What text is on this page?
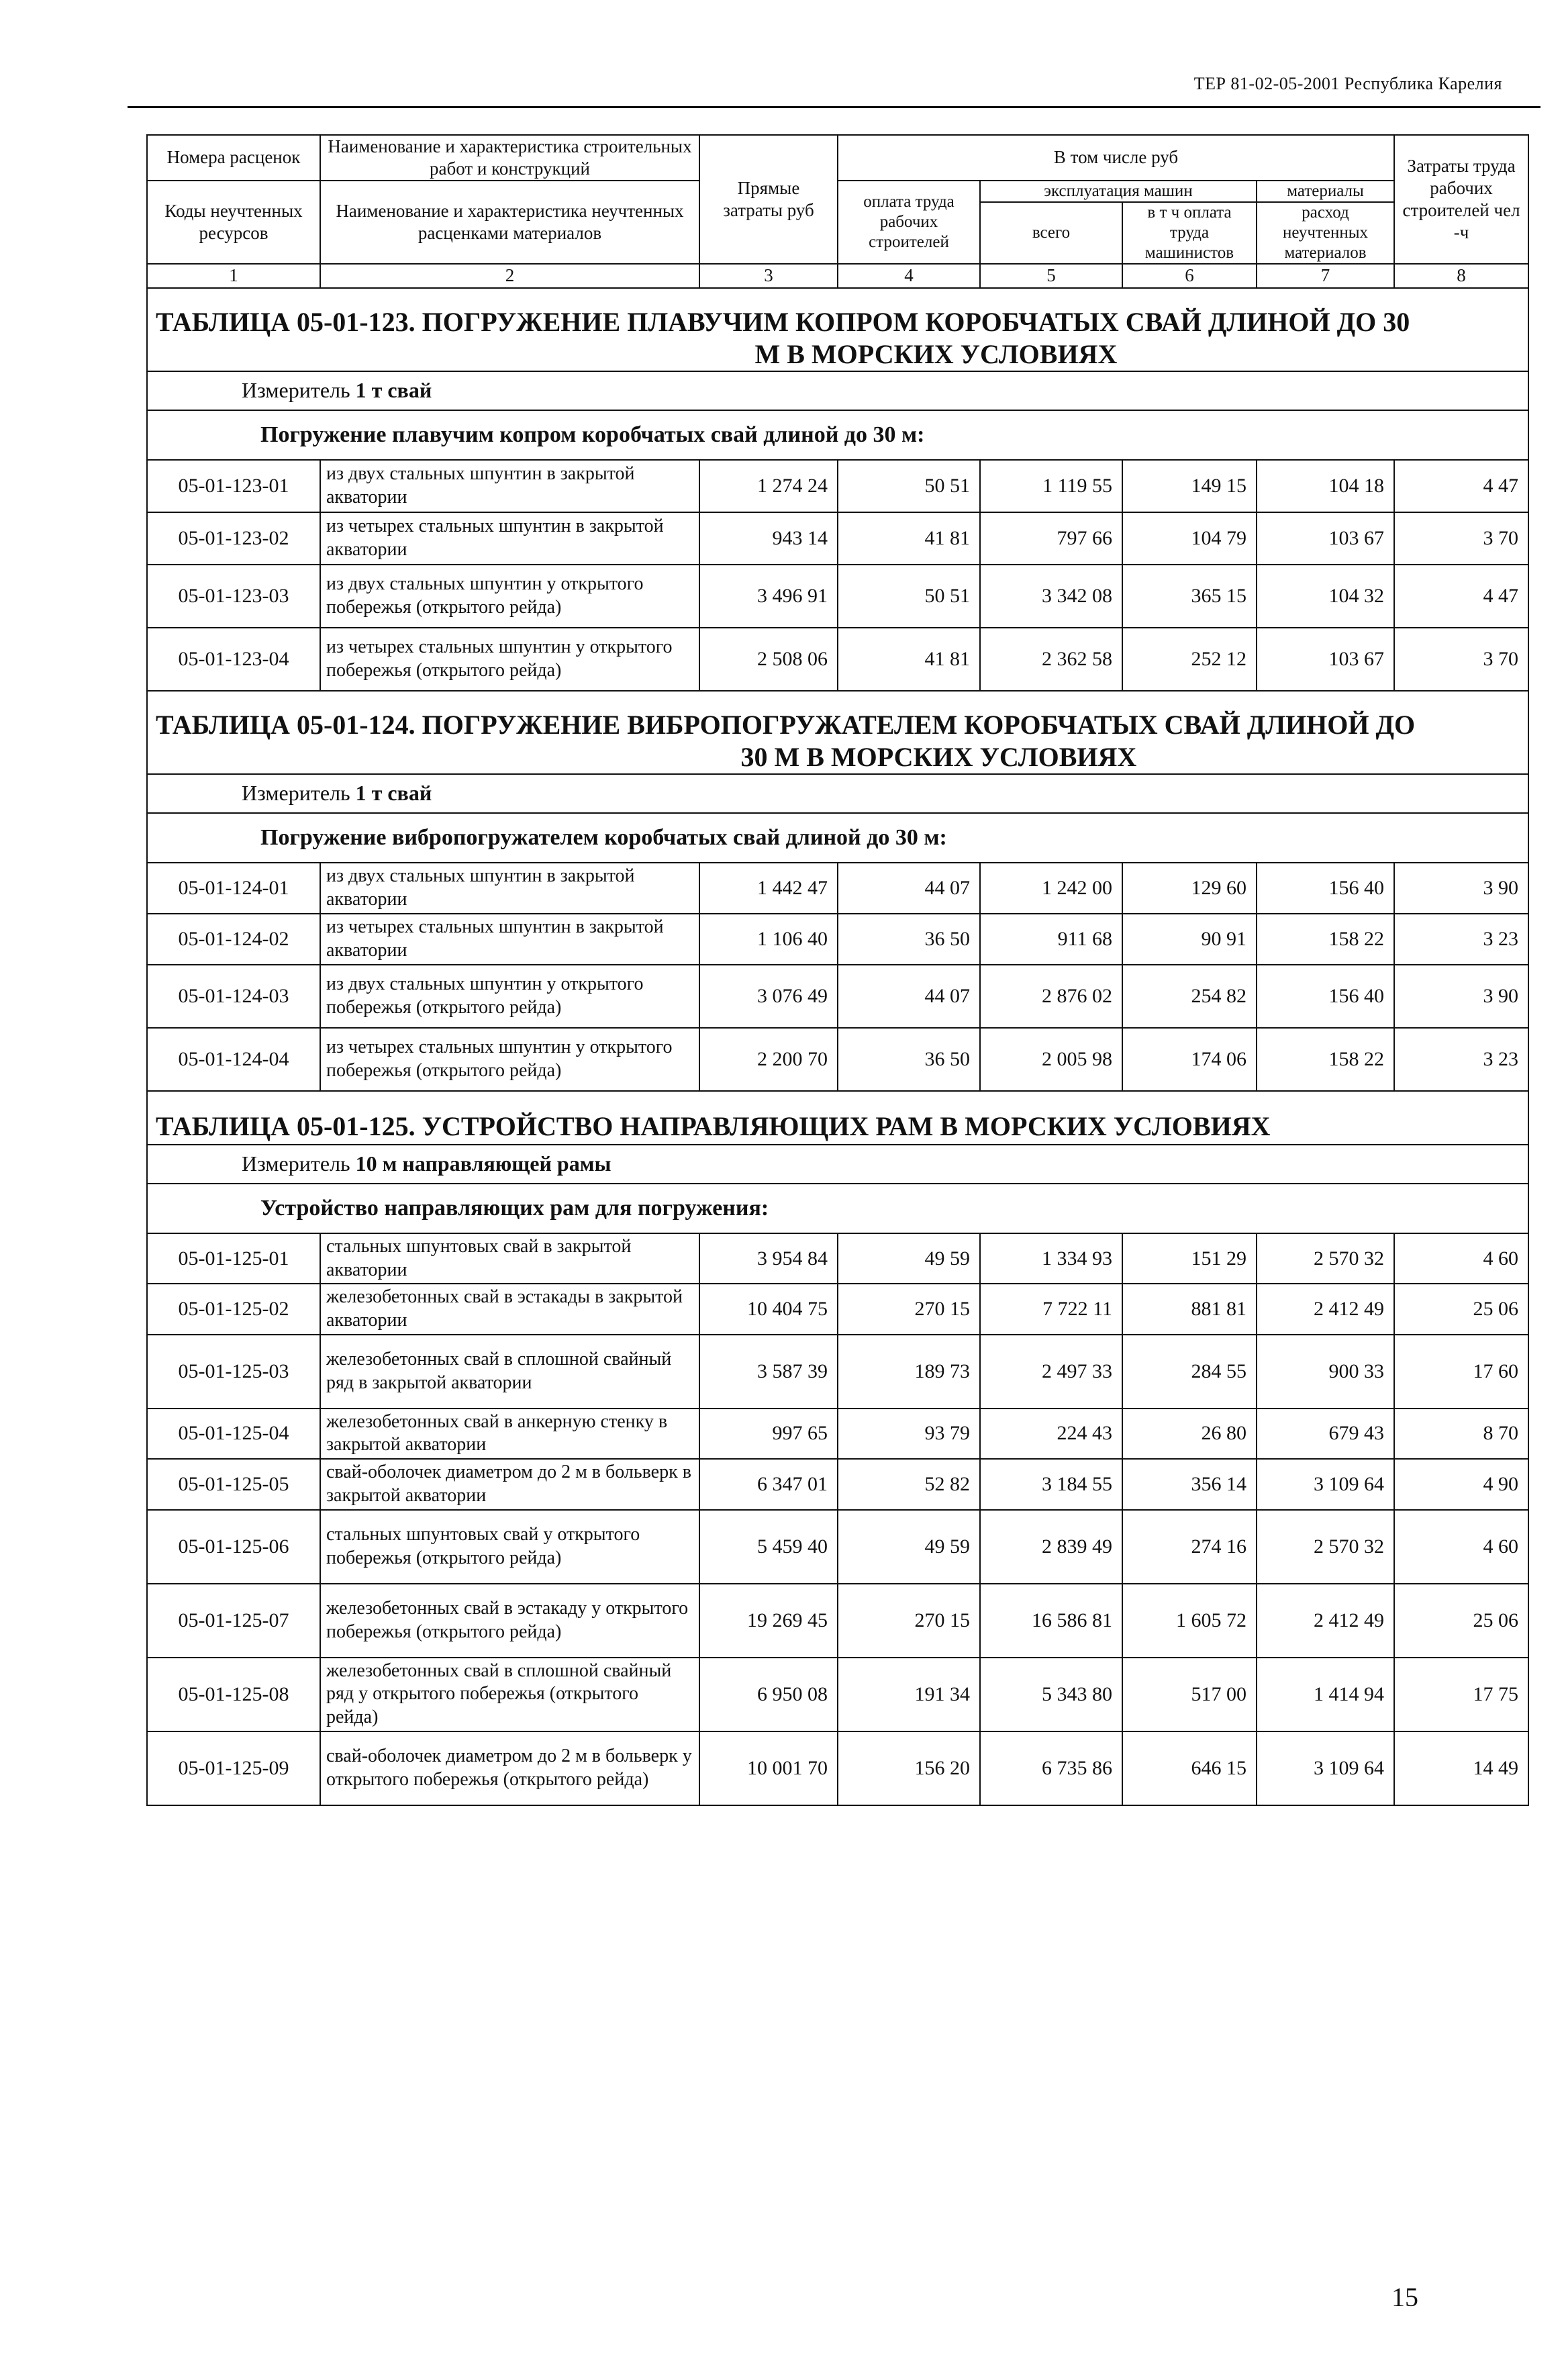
ТЕР 81-02-05-2001 Республика Карелия
Номера расценок	Наименование и характеристика строительных работ и конструкций	Прямые затраты руб	В том числе руб				Затраты труда рабочих строителей чел -ч
Коды неучтенных ресурсов	Наименование и характеристика неучтенных расценками материалов		оплата труда рабочих строителей	эксплуатация машин		материалы	
				всего	в т ч оплата труда машинистов	расход неучтенных материалов	

1	2	3	4	5	6	7	8
ТАБЛИЦА 05-01-123. ПОГРУЖЕНИЕ ПЛАВУЧИМ КОПРОМ КОРОБЧАТЫХ СВАЙ ДЛИНОЙ ДО 30
М В МОРСКИХ УСЛОВИЯХ							

Измеритель 1 т свай							
Погружение плавучим копром коробчатых свай длиной до 30 м:							
05-01-123-01	из двух стальных шпунтин в закрытой акватории	1 274 24	50 51	1 119 55	149 15	104 18	4 47
05-01-123-02	из четырех стальных шпунтин в закрытой акватории	943 14	41 81	797 66	104 79	103 67	3 70
05-01-123-03	из двух стальных шпунтин у открытого побережья (открытого рейда)	3 496 91	50 51	3 342 08	365 15	104 32	4 47
05-01-123-04	из четырех стальных шпунтин у открытого побережья (открытого рейда)	2 508 06	41 81	2 362 58	252 12	103 67	3 70
ТАБЛИЦА 05-01-124. ПОГРУЖЕНИЕ ВИБРОПОГРУЖАТЕЛЕМ КОРОБЧАТЫХ СВАЙ ДЛИНОЙ ДО
30 М В МОРСКИХ УСЛОВИЯХ							

Измеритель 1 т свай							
Погружение вибропогружателем коробчатых свай длиной до 30 м:							
05-01-124-01	из двух стальных шпунтин в закрытой акватории	1 442 47	44 07	1 242 00	129 60	156 40	3 90
05-01-124-02	из четырех стальных шпунтин в закрытой акватории	1 106 40	36 50	911 68	90 91	158 22	3 23
05-01-124-03	из двух стальных шпунтин у открытого побережья (открытого рейда)	3 076 49	44 07	2 876 02	254 82	156 40	3 90
05-01-124-04	из четырех стальных шпунтин у открытого побережья (открытого рейда)	2 200 70	36 50	2 005 98	174 06	158 22	3 23
ТАБЛИЦА 05-01-125. УСТРОЙСТВО НАПРАВЛЯЮЩИХ РАМ В МОРСКИХ УСЛОВИЯХ							
Измеритель 10 м направляющей рамы							
Устройство направляющих рам для погружения:							
05-01-125-01	стальных шпунтовых свай в закрытой акватории	3 954 84	49 59	1 334 93	151 29	2 570 32	4 60
05-01-125-02	железобетонных свай в эстакады в закрытой акватории	10 404 75	270 15	7 722 11	881 81	2 412 49	25 06
05-01-125-03	железобетонных свай в сплошной свайный ряд в закрытой акватории	3 587 39	189 73	2 497 33	284 55	900 33	17 60
05-01-125-04	железобетонных свай в анкерную стенку в закрытой акватории	997 65	93 79	224 43	26 80	679 43	8 70
05-01-125-05	свай-оболочек диаметром до 2 м в больверк в закрытой акватории	6 347 01	52 82	3 184 55	356 14	3 109 64	4 90
05-01-125-06	стальных шпунтовых свай у открытого побережья (открытого рейда)	5 459 40	49 59	2 839 49	274 16	2 570 32	4 60
05-01-125-07	железобетонных свай в эстакаду у открытого побережья (открытого рейда)	19 269 45	270 15	16 586 81	1 605 72	2 412 49	25 06
05-01-125-08	железобетонных свай в сплошной свайный ряд у открытого побережья (открытого рейда)	6 950 08	191 34	5 343 80	517 00	1 414 94	17 75
05-01-125-09	свай-оболочек диаметром до 2 м в больверк у открытого побережья (открытого рейда)	10 001 70	156 20	6 735 86	646 15	3 109 64	14 49
15
